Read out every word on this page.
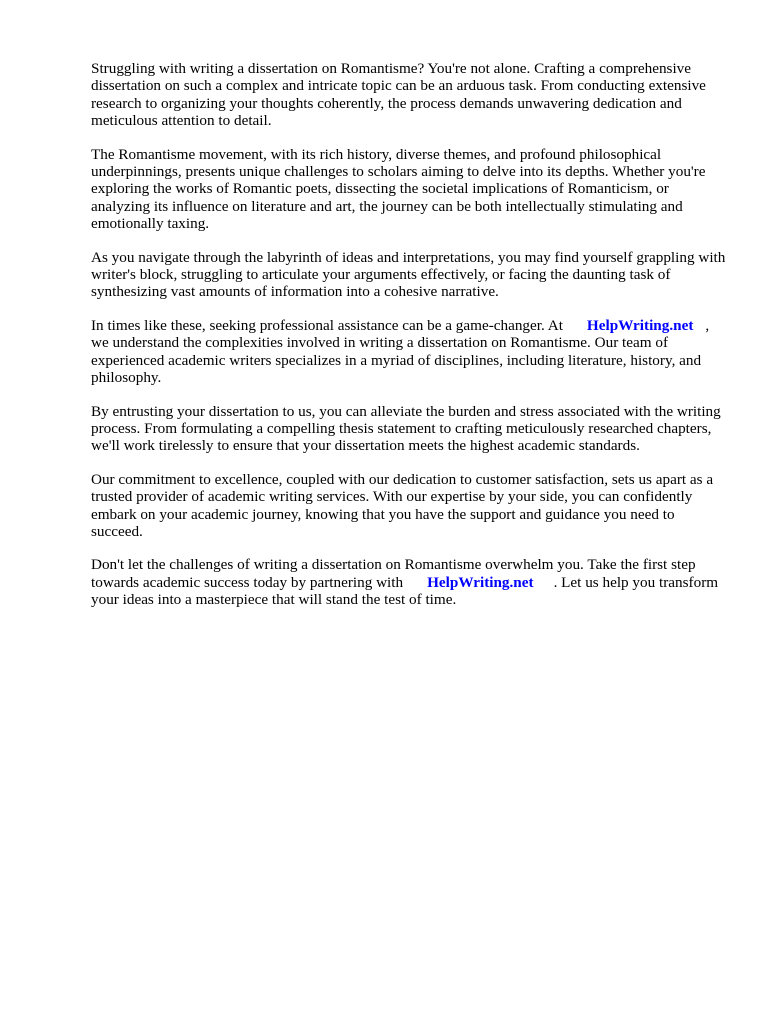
Struggling with writing a dissertation on Romantisme? You're not alone. Crafting a comprehensive dissertation on such a complex and intricate topic can be an arduous task. From conducting extensive research to organizing your thoughts coherently, the process demands unwavering dedication and meticulous attention to detail.

The Romantisme movement, with its rich history, diverse themes, and profound philosophical underpinnings, presents unique challenges to scholars aiming to delve into its depths. Whether you're exploring the works of Romantic poets, dissecting the societal implications of Romanticism, or analyzing its influence on literature and art, the journey can be both intellectually stimulating and emotionally taxing.

As you navigate through the labyrinth of ideas and interpretations, you may find yourself grappling with writer's block, struggling to articulate your arguments effectively, or facing the daunting task of synthesizing vast amounts of information into a cohesive narrative.

In times like these, seeking professional assistance can be a game-changer. At HelpWriting.net , we understand the complexities involved in writing a dissertation on Romantisme. Our team of experienced academic writers specializes in a myriad of disciplines, including literature, history, and philosophy.

By entrusting your dissertation to us, you can alleviate the burden and stress associated with the writing process. From formulating a compelling thesis statement to crafting meticulously researched chapters, we'll work tirelessly to ensure that your dissertation meets the highest academic standards.

Our commitment to excellence, coupled with our dedication to customer satisfaction, sets us apart as a trusted provider of academic writing services. With our expertise by your side, you can confidently embark on your academic journey, knowing that you have the support and guidance you need to succeed.

Don't let the challenges of writing a dissertation on Romantisme overwhelm you. Take the first step towards academic success today by partnering with HelpWriting.net . Let us help you transform your ideas into a masterpiece that will stand the test of time.
